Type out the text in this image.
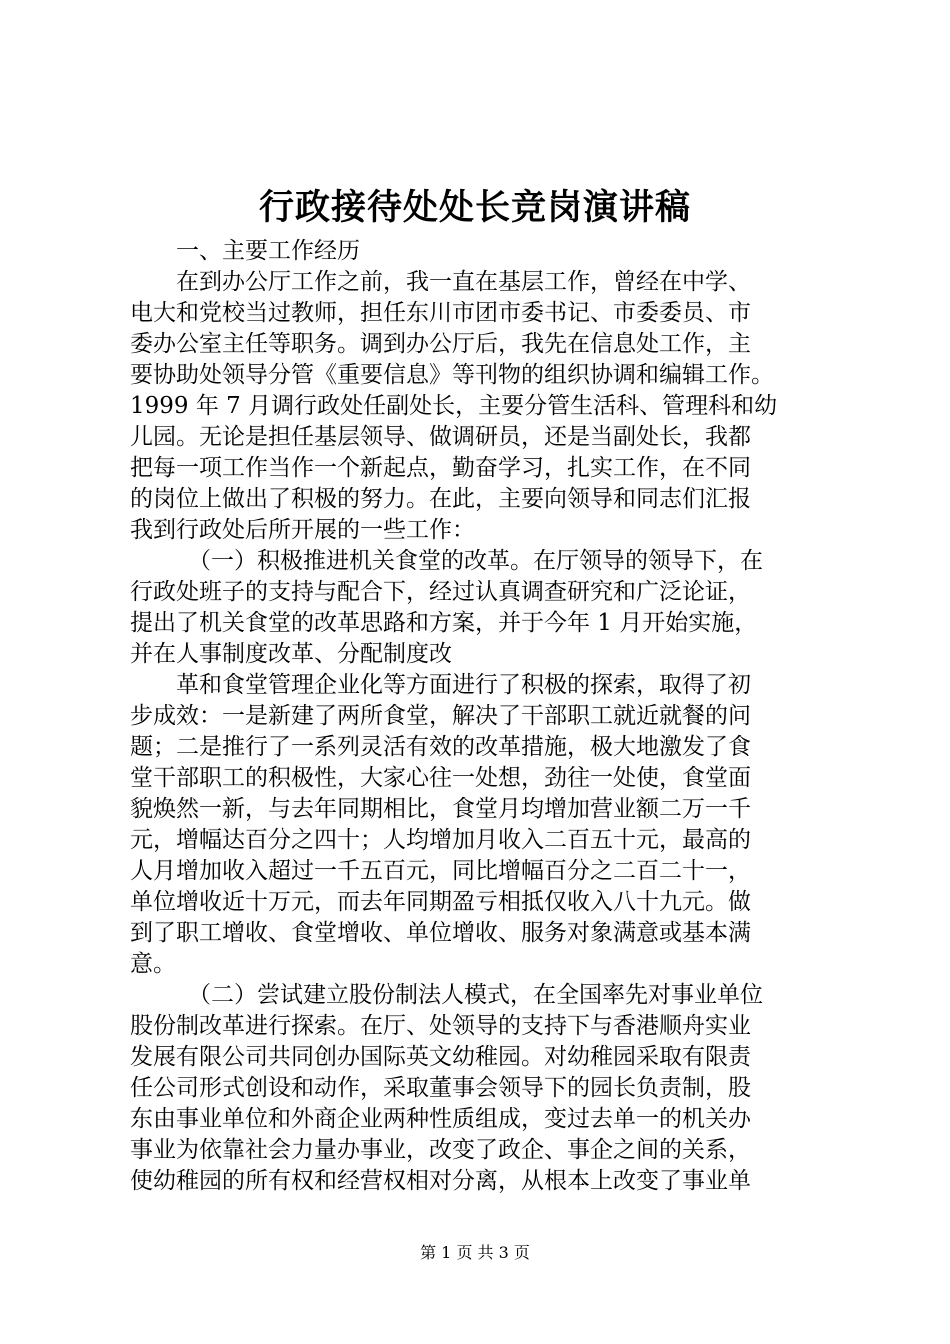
行政接待处处长竞岗演讲稿
一、主要工作经历
在到办公厅工作之前，我一直在基层工作，曾经在中学、
电大和党校当过教师，担任东川市团市委书记、市委委员、市
委办公室主任等职务。调到办公厅后，我先在信息处工作，主
要协助处领导分管《重要信息》等刊物的组织协调和编辑工作。
1999 年 7 月调行政处任副处长，主要分管生活科、管理科和幼
儿园。无论是担任基层领导、做调研员，还是当副处长，我都
把每一项工作当作一个新起点，勤奋学习，扎实工作，在不同
的岗位上做出了积极的努力。在此，主要向领导和同志们汇报
我到行政处后所开展的一些工作：
（一）积极推进机关食堂的改革。在厅领导的领导下，在
行政处班子的支持与配合下，经过认真调查研究和广泛论证，
提出了机关食堂的改革思路和方案，并于今年 1 月开始实施，
并在人事制度改革、分配制度改
革和食堂管理企业化等方面进行了积极的探索，取得了初
步成效：一是新建了两所食堂，解决了干部职工就近就餐的问
题；二是推行了一系列灵活有效的改革措施，极大地激发了食
堂干部职工的积极性，大家心往一处想，劲往一处使，食堂面
貌焕然一新，与去年同期相比，食堂月均增加营业额二万一千
元，增幅达百分之四十；人均增加月收入二百五十元，最高的
人月增加收入超过一千五百元，同比增幅百分之二百二十一，
单位增收近十万元，而去年同期盈亏相抵仅收入八十九元。做
到了职工增收、食堂增收、单位增收、服务对象满意或基本满
意。
（二）尝试建立股份制法人模式，在全国率先对事业单位
股份制改革进行探索。在厅、处领导的支持下与香港顺舟实业
发展有限公司共同创办国际英文幼稚园。对幼稚园采取有限责
任公司形式创设和动作，采取董事会领导下的园长负责制，股
东由事业单位和外商企业两种性质组成，变过去单一的机关办
事业为依靠社会力量办事业，改变了政企、事企之间的关系，
使幼稚园的所有权和经营权相对分离，从根本上改变了事业单
第 1 页 共 3 页
